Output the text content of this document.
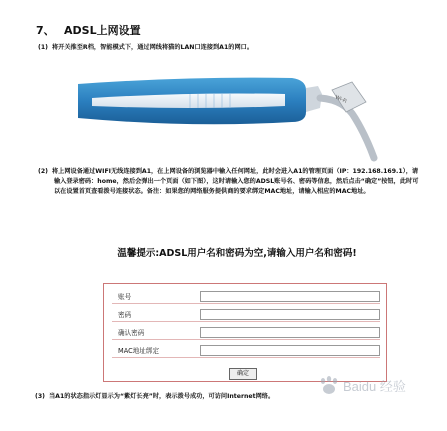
7、 ADSL上网设置
(1) 将开关推至R档，智能模式下，通过网线将猫的LAN口连接到A1的网口。
Wi-Fi
(2) 将上网设备通过WIFI无线连接到A1，在上网设备的浏览器中输入任何网址，此时会进入A1的管理页面（IP：192.168.169.1），请输入登录密码：home，然后会弹出一个页面（如下图），这时请输入您的ADSL账号名、密码等信息，然后点击“确定”按钮，此时可以在设置首页查看拨号连接状态。备注：如果您的网络服务提供商的要求绑定MAC地址，请输入相应的MAC地址。
温馨提示:ADSL用户名和密码为空,请输入用户名和密码!
账号
密码
确认密码
MAC地址绑定
确定
(3) 当A1的状态指示灯显示为“紫灯长亮”时，表示拨号成功，可访问Internet网络。
Baidu 经验
